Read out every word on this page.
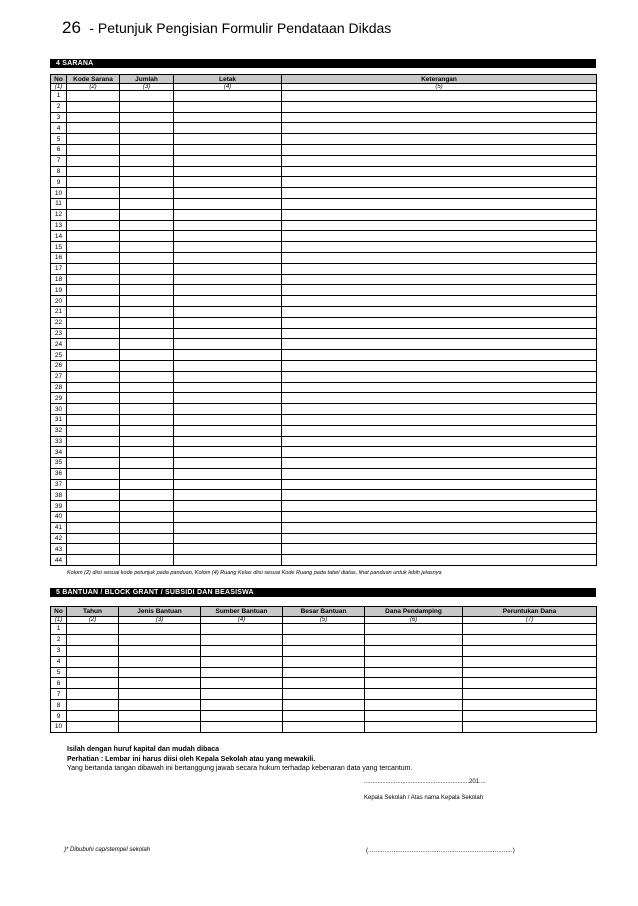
26 - Petunjuk Pengisian Formulir Pendataan Dikdas
4 SARANA
No	Kode Sarana	Jumlah	Letak	Keterangan
(1)	(2)	(3)	(4)	(5)
1				
2				
3				
4				
5				
6				
7				
8				
9				
10				
11				
12				
13				
14				
15				
16				
17				
18				
19				
20				
21				
22				
23				
24				
25				
26				
27				
28				
29				
30				
31				
32				
33				
34				
35				
36				
37				
38				
39				
40				
41				
42				
43				
44				
Kolom (2) diisi sesuai kode petunjuk pada panduan, Kolom (4) Ruang Kelas diisi sesuai Kode Ruang pada tabel diatas, lihat panduan untuk lebih jelasnya
5 BANTUAN / BLOCK GRANT / SUBSIDI DAN BEASISWA
No	Tahun	Jenis Bantuan	Sumber Bantuan	Besar Bantuan	Dana Pendamping	Peruntukan Dana
(1)	(2)	(3)	(4)	(5)	(6)	(7)
1						
2						
3						
4						
5						
6						
7						
8						
9						
10						
Isilah dengan huruf kapital dan mudah dibaca
Perhatian : Lembar ini harus diisi oleh Kepala Sekolah atau yang mewakili.
Yang bertanda tangan dibawah ini bertanggung jawab secara hukum terhadap kebenaran data yang tercantum.
.......................,.......................................201....
Kepala Sekolah / Atas nama Kepala Sekolah
)* Dibubuhi cap/stempel sekolah	(................................................................................)
